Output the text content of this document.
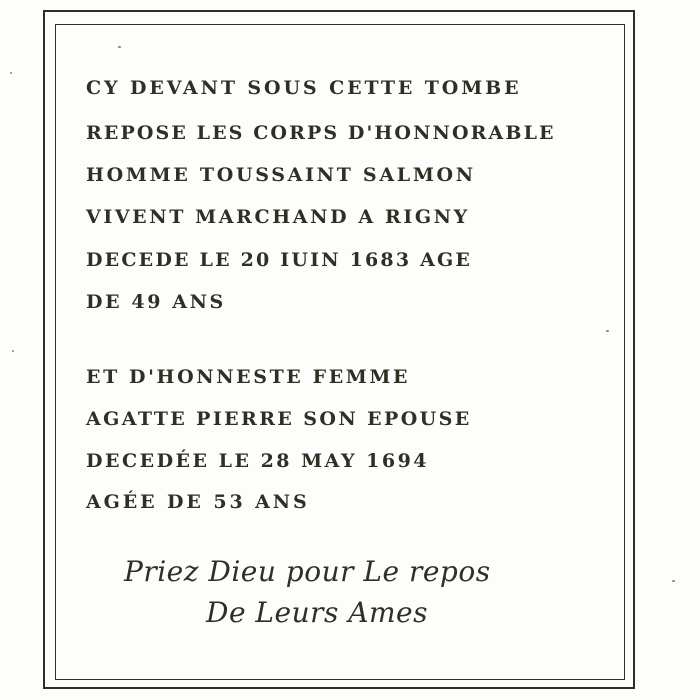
CY DEVANT SOUS CETTE TOMBE

REPOSE LES CORPS D'HONNORABLE

HOMME TOUSSAINT SALMON

VIVENT MARCHAND A RIGNY

DECEDE LE 20 IUIN 1683 AGE

DE 49 ANS

ET D'HONNESTE FEMME

AGATTE PIERRE SON EPOUSE

DECEDÉE LE 28 MAY 1694

AGÉE DE 53 ANS

Priez Dieu pour Le repos

De Leurs Ames
